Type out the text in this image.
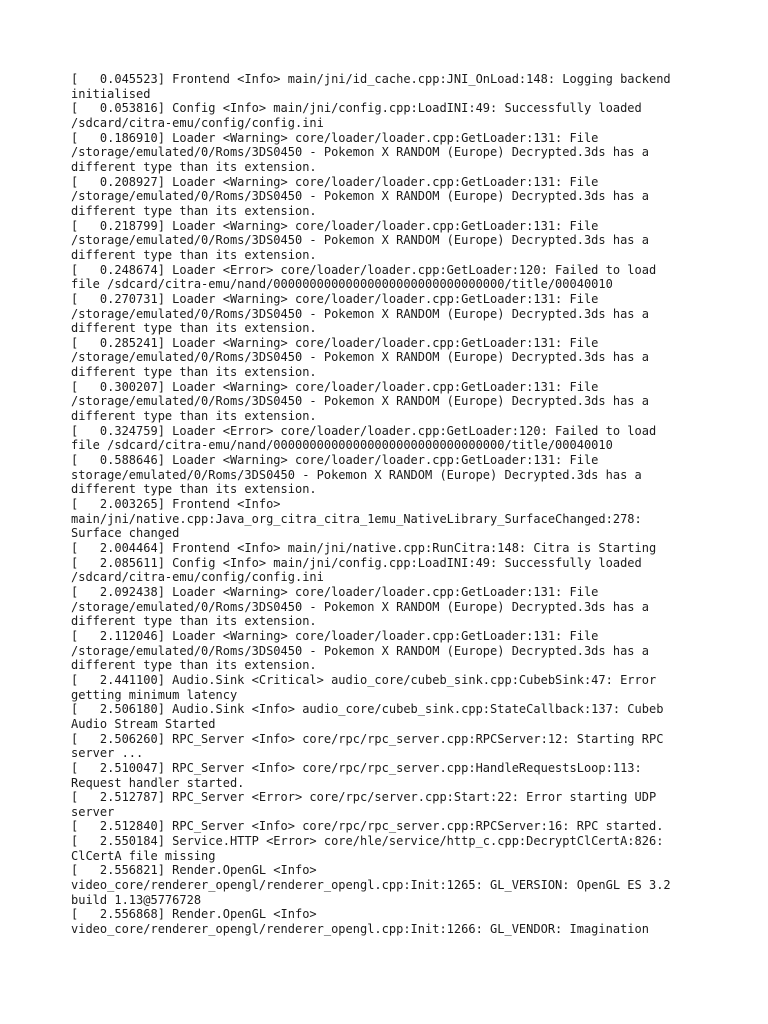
[   0.045523] Frontend <Info> main/jni/id_cache.cpp:JNI_OnLoad:148: Logging backend
initialised
[   0.053816] Config <Info> main/jni/config.cpp:LoadINI:49: Successfully loaded
/sdcard/citra-emu/config/config.ini
[   0.186910] Loader <Warning> core/loader/loader.cpp:GetLoader:131: File
/storage/emulated/0/Roms/3DS0450 - Pokemon X RANDOM (Europe) Decrypted.3ds has a
different type than its extension.
[   0.208927] Loader <Warning> core/loader/loader.cpp:GetLoader:131: File
/storage/emulated/0/Roms/3DS0450 - Pokemon X RANDOM (Europe) Decrypted.3ds has a
different type than its extension.
[   0.218799] Loader <Warning> core/loader/loader.cpp:GetLoader:131: File
/storage/emulated/0/Roms/3DS0450 - Pokemon X RANDOM (Europe) Decrypted.3ds has a
different type than its extension.
[   0.248674] Loader <Error> core/loader/loader.cpp:GetLoader:120: Failed to load
file /sdcard/citra-emu/nand/00000000000000000000000000000000/title/00040010
[   0.270731] Loader <Warning> core/loader/loader.cpp:GetLoader:131: File
/storage/emulated/0/Roms/3DS0450 - Pokemon X RANDOM (Europe) Decrypted.3ds has a
different type than its extension.
[   0.285241] Loader <Warning> core/loader/loader.cpp:GetLoader:131: File
/storage/emulated/0/Roms/3DS0450 - Pokemon X RANDOM (Europe) Decrypted.3ds has a
different type than its extension.
[   0.300207] Loader <Warning> core/loader/loader.cpp:GetLoader:131: File
/storage/emulated/0/Roms/3DS0450 - Pokemon X RANDOM (Europe) Decrypted.3ds has a
different type than its extension.
[   0.324759] Loader <Error> core/loader/loader.cpp:GetLoader:120: Failed to load
file /sdcard/citra-emu/nand/00000000000000000000000000000000/title/00040010
[   0.588646] Loader <Warning> core/loader/loader.cpp:GetLoader:131: File
storage/emulated/0/Roms/3DS0450 - Pokemon X RANDOM (Europe) Decrypted.3ds has a
different type than its extension.
[   2.003265] Frontend <Info>
main/jni/native.cpp:Java_org_citra_citra_1emu_NativeLibrary_SurfaceChanged:278:
Surface changed
[   2.004464] Frontend <Info> main/jni/native.cpp:RunCitra:148: Citra is Starting
[   2.085611] Config <Info> main/jni/config.cpp:LoadINI:49: Successfully loaded
/sdcard/citra-emu/config/config.ini
[   2.092438] Loader <Warning> core/loader/loader.cpp:GetLoader:131: File
/storage/emulated/0/Roms/3DS0450 - Pokemon X RANDOM (Europe) Decrypted.3ds has a
different type than its extension.
[   2.112046] Loader <Warning> core/loader/loader.cpp:GetLoader:131: File
/storage/emulated/0/Roms/3DS0450 - Pokemon X RANDOM (Europe) Decrypted.3ds has a
different type than its extension.
[   2.441100] Audio.Sink <Critical> audio_core/cubeb_sink.cpp:CubebSink:47: Error
getting minimum latency
[   2.506180] Audio.Sink <Info> audio_core/cubeb_sink.cpp:StateCallback:137: Cubeb
Audio Stream Started
[   2.506260] RPC_Server <Info> core/rpc/rpc_server.cpp:RPCServer:12: Starting RPC
server ...
[   2.510047] RPC_Server <Info> core/rpc/rpc_server.cpp:HandleRequestsLoop:113:
Request handler started.
[   2.512787] RPC_Server <Error> core/rpc/server.cpp:Start:22: Error starting UDP
server
[   2.512840] RPC_Server <Info> core/rpc/rpc_server.cpp:RPCServer:16: RPC started.
[   2.550184] Service.HTTP <Error> core/hle/service/http_c.cpp:DecryptClCertA:826:
ClCertA file missing
[   2.556821] Render.OpenGL <Info>
video_core/renderer_opengl/renderer_opengl.cpp:Init:1265: GL_VERSION: OpenGL ES 3.2
build 1.13@5776728
[   2.556868] Render.OpenGL <Info>
video_core/renderer_opengl/renderer_opengl.cpp:Init:1266: GL_VENDOR: Imagination
